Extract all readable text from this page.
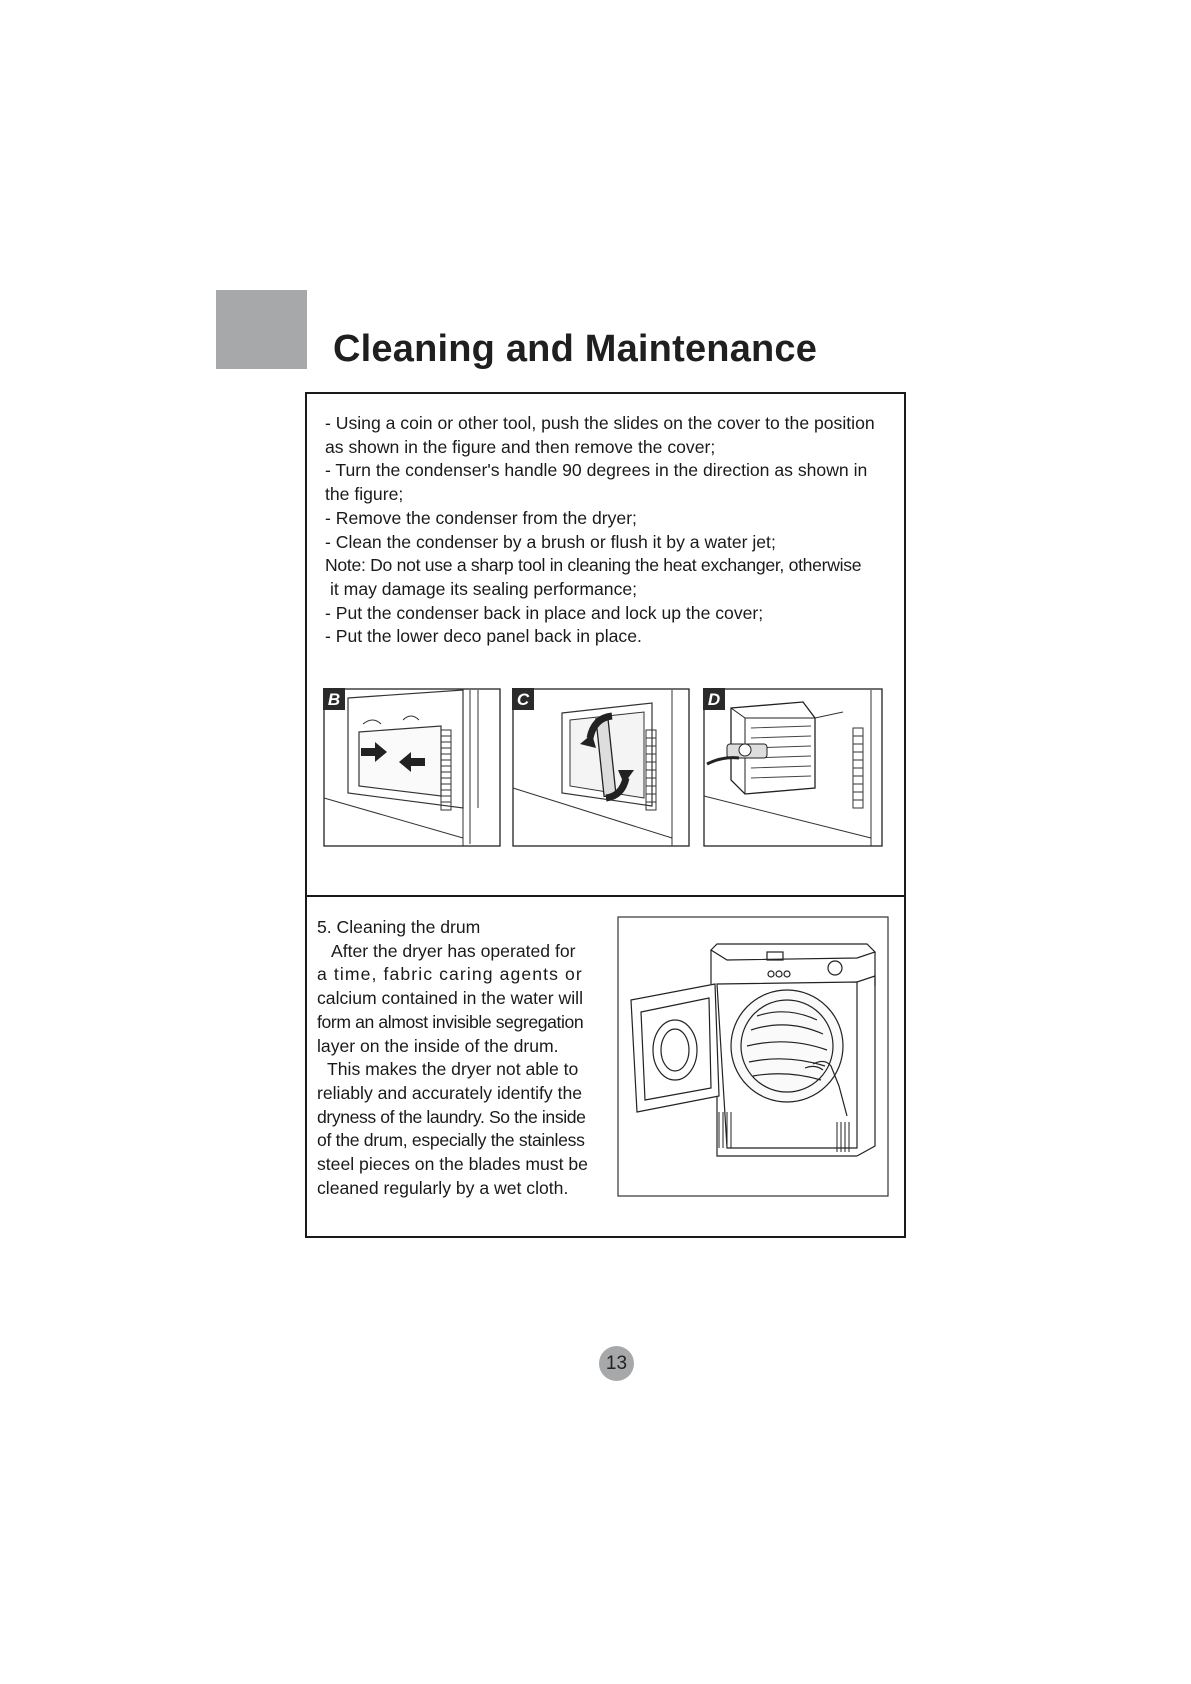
Cleaning and Maintenance
- Using a coin or other tool, push the slides on the cover to the position
as shown in the figure and then remove the cover;
- Turn the condenser's handle 90 degrees in the direction as shown in
the figure;
- Remove the condenser from the dryer;
- Clean the condenser by a brush or flush it by a water jet;
Note: Do not use a sharp tool in cleaning the heat exchanger, otherwise
it may damage its sealing performance;
- Put the condenser back in place and lock up the cover;
- Put the lower deco panel back in place.
B	C	D
5. Cleaning the drum
After the dryer has operated for
a time, fabric caring agents or
calcium contained in the water will
form an almost invisible segregation
layer on the inside of the drum.
This makes the dryer not able to
reliably and accurately identify the
dryness of the laundry. So the inside
of the drum, especially the stainless
steel pieces on the blades must be
cleaned regularly by a wet cloth.
13
